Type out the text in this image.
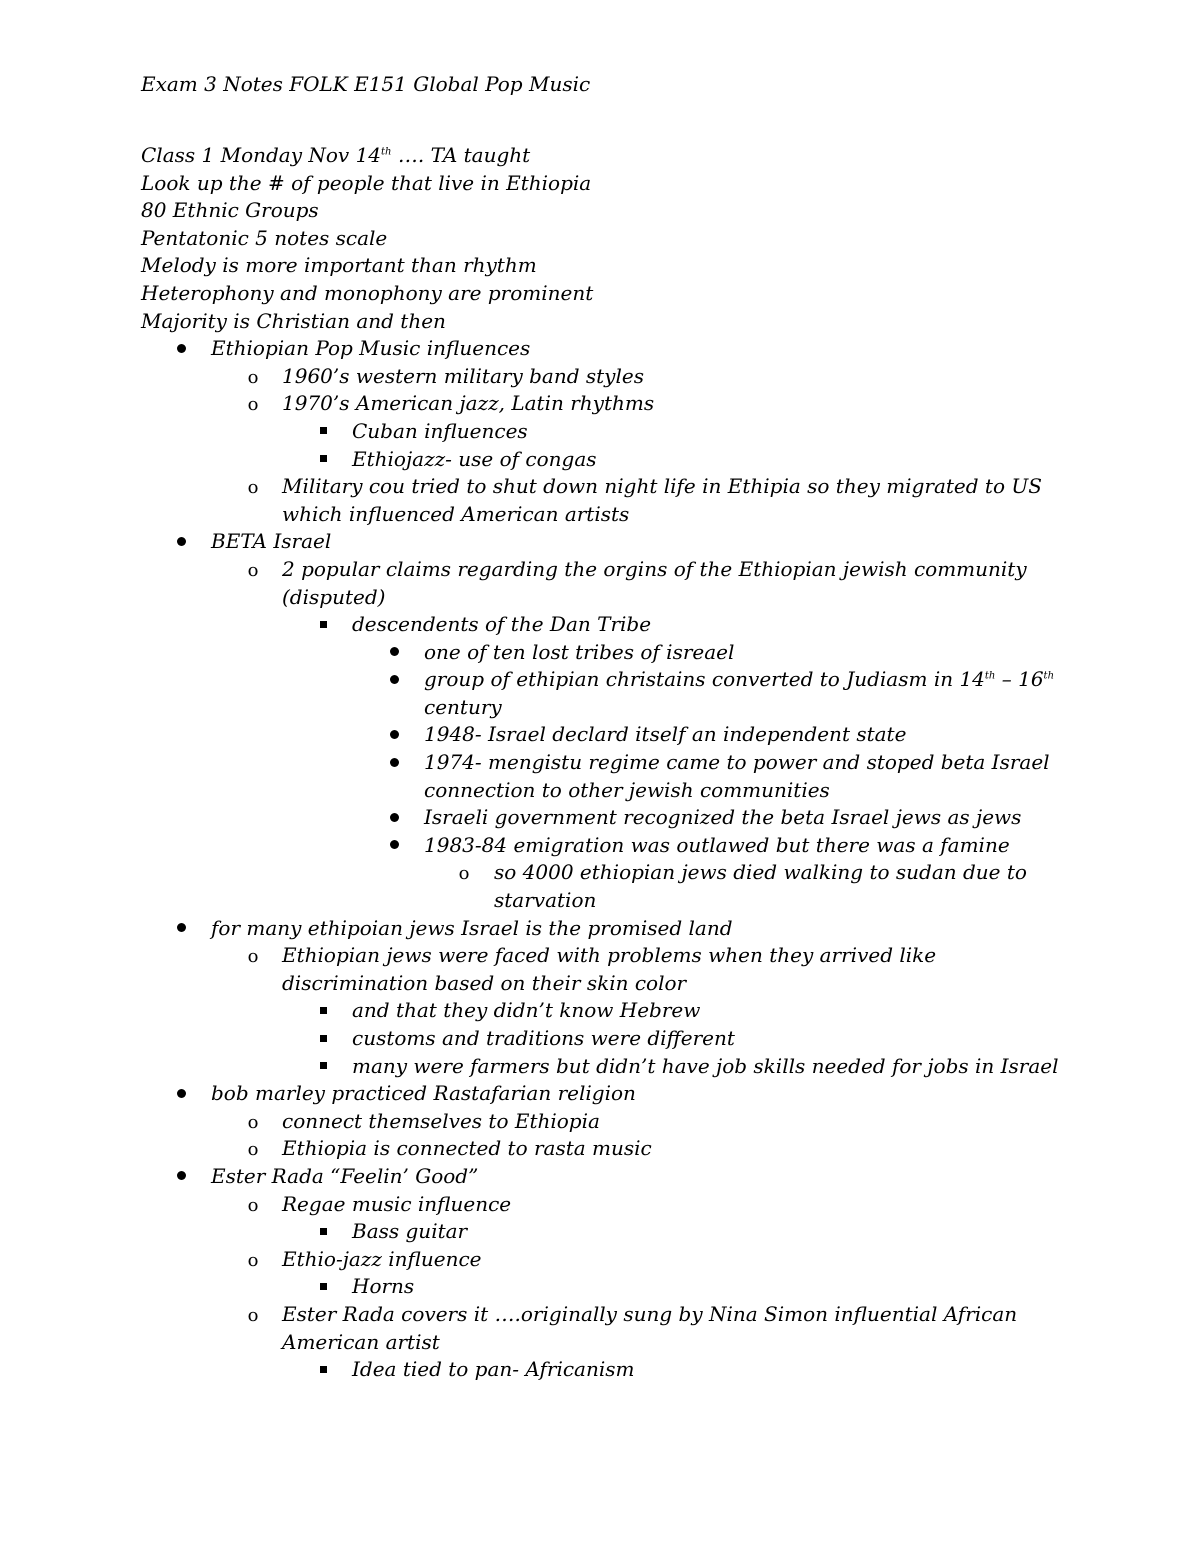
Exam 3 Notes FOLK E151 Global Pop Music
Class 1 Monday Nov 14th …. TA taught
Look up the # of people that live in Ethiopia
80 Ethnic Groups
Pentatonic 5 notes scale
Melody is more important than rhythm
Heterophony and monophony are prominent
Majority is Christian and then
Ethiopian Pop Music influences
o 1960’s western military band styles
o 1970’s American jazz, Latin rhythms
Cuban influences
Ethiojazz- use of congas
o Military cou tried to shut down night life in Ethipia so they migrated to US which influenced American artists
BETA Israel
o 2 popular claims regarding the orgins of the Ethiopian jewish community (disputed)
descendents of the Dan Tribe
one of ten lost tribes of isreael
group of ethipian christains converted to Judiasm in 14th – 16th century
1948- Israel declard itself an independent state
1974- mengistu regime came to power and stoped beta Israel connection to other jewish communities
Israeli government recognized the beta Israel jews as jews
1983-84 emigration was outlawed but there was a famine
o so 4000 ethiopian jews died walking to sudan due to starvation
for many ethipoian jews Israel is the promised land
o Ethiopian jews were faced with problems when they arrived like discrimination based on their skin color
and that they didn’t know Hebrew
customs and traditions were different
many were farmers but didn’t have job skills needed for jobs in Israel
bob marley practiced Rastafarian religion
o connect themselves to Ethiopia
o Ethiopia is connected to rasta music
Ester Rada “Feelin’ Good”
o Regae music influence
Bass guitar
o Ethio-jazz influence
Horns
o Ester Rada covers it ….originally sung by Nina Simon influential African American artist
Idea tied to pan- Africanism
